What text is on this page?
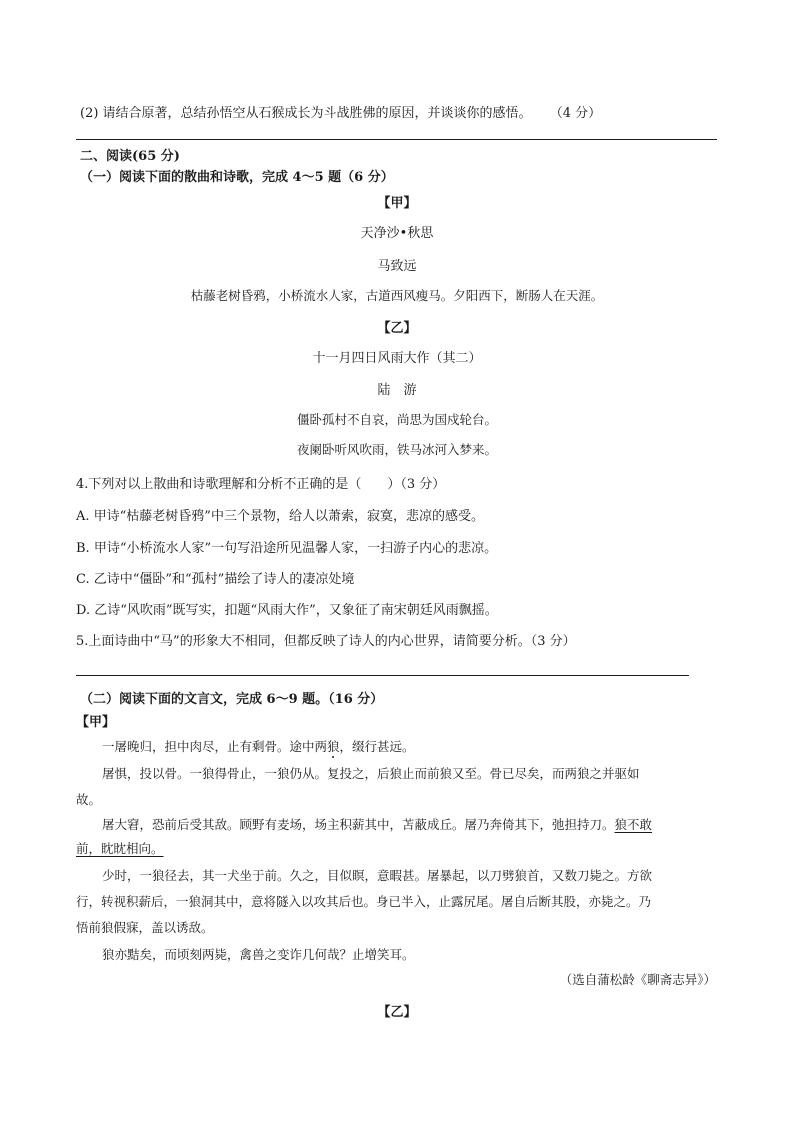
(2) 请结合原著，总结孙悟空从石猴成长为斗战胜佛的原因，并谈谈你的感悟。 （4 分）
二、阅读(65 分)
（一）阅读下面的散曲和诗歌，完成 4～5 题（6 分）
【甲】
天净沙•秋思
马致远
枯藤老树昏鸦，小桥流水人家，古道西风瘦马。夕阳西下，断肠人在天涯。
【乙】
十一月四日风雨大作（其二）
陆　游
僵卧孤村不自哀，尚思为国戍轮台。
夜阑卧听风吹雨，铁马冰河入梦来。
4.下列对以上散曲和诗歌理解和分析不正确的是（　　）（3 分）
A. 甲诗“枯藤老树昏鸦”中三个景物，给人以萧索，寂寞，悲凉的感受。
B. 甲诗“小桥流水人家”一句写沿途所见温馨人家，一扫游子内心的悲凉。
C. 乙诗中“僵卧”和“孤村”描绘了诗人的凄凉处境
D. 乙诗“风吹雨”既写实，扣题“风雨大作”，又象征了南宋朝廷风雨飘摇。
5.上面诗曲中“马”的形象大不相同，但都反映了诗人的内心世界，请简要分析。（3 分）
（二）阅读下面的文言文，完成 6～9 题。（16 分）
【甲】
一屠晚归，担中肉尽，止有剩骨。途中两狼，缀行甚远。
屠惧，投以骨。一狼得骨止，一狼仍从。复投之，后狼止而前狼又至。骨已尽矣，而两狼之并驱如
故。
屠大窘，恐前后受其敌。顾野有麦场，场主积薪其中，苫蔽成丘。屠乃奔倚其下，弛担持刀。狼不敢
前，眈眈相向。
少时，一狼径去，其一犬坐于前。久之，目似瞑，意暇甚。屠暴起，以刀劈狼首，又数刀毙之。方欲
行，转视积薪后，一狼洞其中，意将隧入以攻其后也。身已半入，止露尻尾。屠自后断其股，亦毙之。乃
悟前狼假寐，盖以诱敌。
狼亦黠矣，而顷刻两毙，禽兽之变诈几何哉？止增笑耳。
（选自蒲松龄《聊斋志异》）
【乙】
